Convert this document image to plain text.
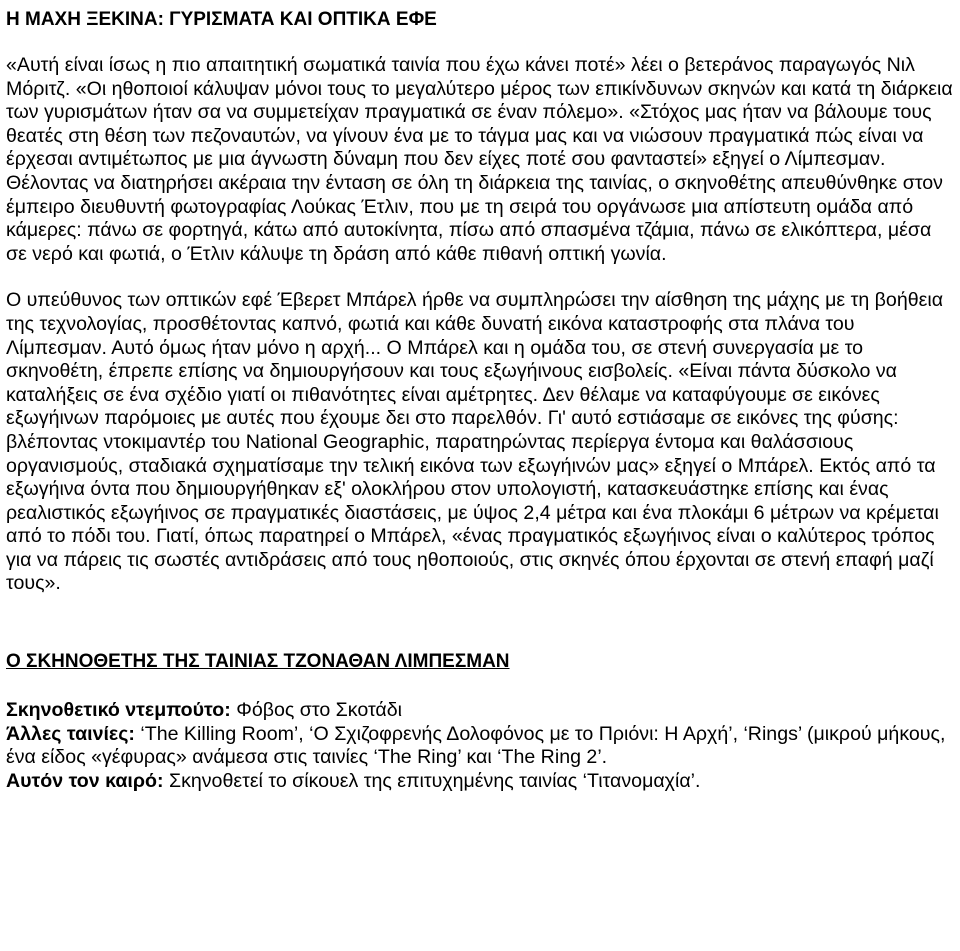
Η ΜΑΧΗ ΞΕΚΙΝΑ: ΓΥΡΙΣΜΑΤΑ ΚΑΙ ΟΠΤΙΚΑ ΕΦΕ

«Αυτή είναι ίσως η πιο απαιτητική σωματικά ταινία που έχω κάνει ποτέ» λέει ο βετεράνος παραγωγός Νιλ Μόριτζ. «Οι ηθοποιοί κάλυψαν μόνοι τους το μεγαλύτερο μέρος των επικίνδυνων σκηνών και κατά τη διάρκεια των γυρισμάτων ήταν σα να συμμετείχαν πραγματικά σε έναν πόλεμο». «Στόχος μας ήταν να βάλουμε τους θεατές στη θέση των πεζοναυτών, να γίνουν ένα με το τάγμα μας και να νιώσουν πραγματικά πώς είναι να έρχεσαι αντιμέτωπος με μια άγνωστη δύναμη που δεν είχες ποτέ σου φανταστεί» εξηγεί ο Λίμπεσμαν. Θέλοντας να διατηρήσει ακέραια την ένταση σε όλη τη διάρκεια της ταινίας, ο σκηνοθέτης απευθύνθηκε στον έμπειρο διευθυντή φωτογραφίας Λούκας Έτλιν, που με τη σειρά του οργάνωσε μια απίστευτη ομάδα από κάμερες: πάνω σε φορτηγά, κάτω από αυτοκίνητα, πίσω από σπασμένα τζάμια, πάνω σε ελικόπτερα, μέσα σε νερό και φωτιά, ο Έτλιν κάλυψε τη δράση από κάθε πιθανή οπτική γωνία.

Ο υπεύθυνος των οπτικών εφέ Έβερετ Μπάρελ ήρθε να συμπληρώσει την αίσθηση της μάχης με τη βοήθεια της τεχνολογίας, προσθέτοντας καπνό, φωτιά και κάθε δυνατή εικόνα καταστροφής στα πλάνα του Λίμπεσμαν. Αυτό όμως ήταν μόνο η αρχή... Ο Μπάρελ και η ομάδα του, σε στενή συνεργασία με το σκηνοθέτη, έπρεπε επίσης να δημιουργήσουν και τους εξωγήινους εισβολείς. «Είναι πάντα δύσκολο να καταλήξεις σε ένα σχέδιο γιατί οι πιθανότητες είναι αμέτρητες. Δεν θέλαμε να καταφύγουμε σε εικόνες εξωγήινων παρόμοιες με αυτές που έχουμε δει στο παρελθόν. Γι' αυτό εστιάσαμε σε εικόνες της φύσης: βλέποντας ντοκιμαντέρ του National Geographic, παρατηρώντας περίεργα έντομα και θαλάσσιους οργανισμούς, σταδιακά σχηματίσαμε την τελική εικόνα των εξωγήινών μας» εξηγεί ο Μπάρελ. Εκτός από τα εξωγήινα όντα που δημιουργήθηκαν εξ' ολοκλήρου στον υπολογιστή, κατασκευάστηκε επίσης και ένας ρεαλιστικός εξωγήινος σε πραγματικές διαστάσεις, με ύψος 2,4 μέτρα και ένα πλοκάμι 6 μέτρων να κρέμεται από το πόδι του. Γιατί, όπως παρατηρεί ο Μπάρελ, «ένας πραγματικός εξωγήινος είναι ο καλύτερος τρόπος για να πάρεις τις σωστές αντιδράσεις από τους ηθοποιούς, στις σκηνές όπου έρχονται σε στενή επαφή μαζί τους».

Ο ΣΚΗΝΟΘΕΤΗΣ ΤΗΣ ΤΑΙΝΙΑΣ ΤΖΟΝΑΘΑΝ ΛΙΜΠΕΣΜΑΝ

Σκηνοθετικό ντεμπούτο: Φόβος στο Σκοτάδι

Άλλες ταινίες: ‘The Killing Room’, ‘Ο Σχιζοφρενής Δολοφόνος με το Πριόνι: Η Αρχή’, ‘Rings’ (μικρού μήκους, ένα είδος «γέφυρας» ανάμεσα στις ταινίες ‘The Ring’ και ‘The Ring 2’.

Αυτόν τον καιρό: Σκηνοθετεί το σίκουελ της επιτυχημένης ταινίας ‘Τιτανομαχία’.
